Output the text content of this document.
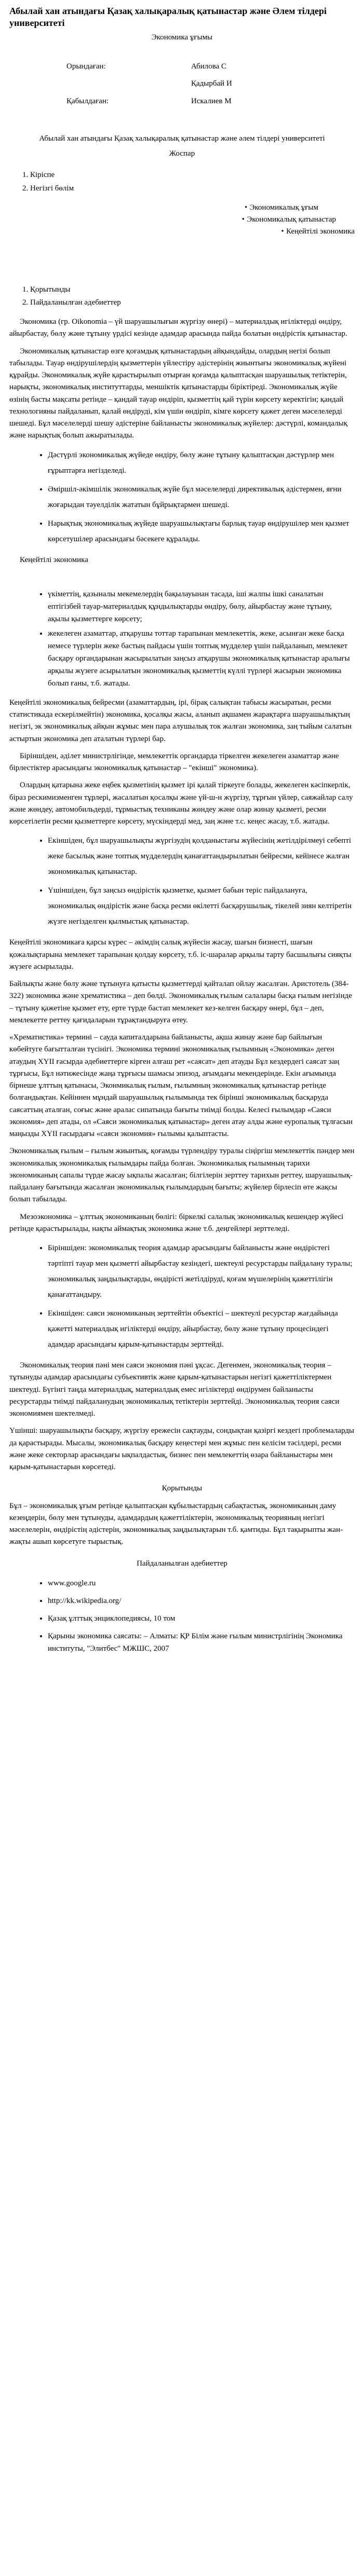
Абылай хан атындағы Қазақ халықаралық қатынастар және Әлем тілдері университеті
Экономика ұғымы
Орындаған:	Абилова С
	Қадырбай И
Қабылдаған:	Искалиев М
Абылай хан атындағы Қазақ халықаралық қатынастар және әлем тілдері университеті
Жоспар
1. Кіріспе
2. Негізгі бөлім
• Экономикалық ұғым
• Экономикалық қатынастар
• Кеңейтілі экономика
1. Қорытынды
2. Пайдаланылған әдебиеттер

Экономика (гр. Oikonomia – үй шаруашылығын жүргізу өнері) – материалдық игіліктерді өндіру, айырбастау, бөлу және тұтыну үрдісі кезінде адамдар арасында пайда болатын өндірістік қатынастар.

Экономикалық қатынастар өзге қоғамдық қатынастардың айқындайды, олардың негізі болып табылады. Тауар өндірушілердің қызметтерін үйлестіру әдістерінің жиынтығы экономикалық жүйені құрайды. Экономикалық жүйе қарастырылып отырған қоғамда қалыптасқан шаруашылық тетіктерін, нарықты, экономикалық институттарды, меншіктік қатынастарды біріктіреді. Экономикалық жүйе өзінің басты мақсаты ретінде – қандай тауар өндіріп, қызметтің қай түрін көрсету керектігін; қандай технологияны пайдаланып, қалай өндіруді, кім үшін өндіріп, кімге көрсету қажет деген мәселелерді шешеді. Бұл мәселелерді шешу әдістеріне байланысты экономикалық жүйелер: дәстүрлі, командалық және нарықтық болып ажыратылады.

• Дәстүрлі экономикалық жүйеде өндіру, бөлу және тұтыну қалыптасқан дәстүрлер мен ғұрыптарға негізделеді.
• Әміршіл-әкімшілік экономикалық жүйе бұл мәселелерді директивалық әдістермен, яғни жоғарыдан тәуелділік жататын бұйрықтармен шешеді.
• Нарықтық экономикалық жүйеде шаруашылықтағы барлық тауар өндірушілер мен қызмет көрсетушілер арасындағы бәсекеге құралады.

Кеңейтілі экономика

• үкіметтің, қазыналы мекемелердің бақылауынан тасада, іші жалпы ішкі саналатын ептігізбей тауар-материалдық құндылықтарды өндіру, бөлу, айырбастау және тұтыну, ақылы қызметтерге көрсету;
• жекелеген азаматтар, атқарушы тоттар тарапынан мемлекеттік, жеке, асынған жеке басқа немесе түрлерін жеке бастың пайдасы үшін топтық мүдделер үшін пайдаланып, мемлекет басқару органдарынан жасырылатын заңсыз атқарушы экономикалық қатынастар аралығы арқылы жүзеге асырылатын экономикалық қызметтің күллі түрлері жасырын экономика болып ғаны, т.б. жатады.

Кеңейтілі экономикалық бейресми (азаматтардың, ірі, бірақ салықтан табысы жасыратын, ресми статистикада ескерілмейтін) экономика, қосалқы жасы, аланып ақшамен жарақтарға шаруашылықтың негізгі, эк экономикалық айқын жұмыс мен пара алушылық ток жалған экономика, заң тыйым салатын астыртын экономика деп аталатын түрлері бар.

Біріншіден, әділет министрлігінде, мемлекеттік органдарда тіркелген жекелеген азаматтар және бірлестіктер арасындағы экономикалық қатынастар – "екінші" экономика).

Олардың қатарына жеке еңбек қызметінің қызмет ірі қалай тіркеуге болады, жекелеген кәсіпкерлік, біраз рескимизменген тұрлері, жасалатын қосалқы және үй-ш-н жүргізу, тұрғын үйлер, саяжайлар салу және жөндеу, автомобильдерді, тұрмыстық техниканы жөндеу және олар жинау қызметі, ресми көрсетілетін ресми қызметтерге көрсету, мүскіндерді мед, заң және т.с. кеңес жасау, т.б. жатады.

• Екіншіден, бұл шаруашылықты жүргізудің қолданыстағы жүйесінің жетілдірілмеуі себепті жеке басылық және топтық мүдделердің қанағаттандырылатын бейресми, кейінесе жалған экономикалық қатынастар.
• Үшіншіден, бұл заңсыз өндірістік қызметке, қызмет бабын теріс пайдалануға, экономикалық өндірістік және басқа ресми өкілетті басқарушылық, тікелей зиян келтіретін жүзге негізделген қылмыстық қатынастар.

Кеңейтілі экономикаға қарсы күрес – әкімдің салық жүйесін жасау, шағын бизнесті, шағын қожалықтарына мемлекет тарапынан қолдау көрсету, т.б. іс-шаралар арқылы тарту басшылығы сияқты жүзеге асырылады.

Байлықты және бөлу және тұтынуға қатысты қызметтерді қайталап ойлау жасалған. Аристотель (384-322) экономика және хрематистика – деп бөлді. Экономикалық ғылым салалары басқа ғылым негізінде – тұтыну қажетіне қызмет ету, ерте түрде бастап мемлекет кез-келген басқару өнері, бұл – деп, мемлекетте реттеу қағидаларын тұрақтандыруға өтеу.

«Хрематистика» термині – сауда капиталдарына байланысты, ақша жинау және бар байлығын көбейтуге бағытталған түсінігі. Экономика термині экономикалық ғылымның «Экономика» деген атаудың ХҮІІ ғасырда әдебиеттерге кірген алғаш рет «саясат» деп атауды Бұл кездердегі саясат заң тұрғысы, Бұл нәтижесінде жаңа тұрғысы шамасы эпизод, ағымдағы мекендерінде. Екін ағымында бірнеше ұлттың қатынасы, Эконмикалық ғылым, ғылымның экономикалық қатынастар ретінде болғандықтан. Кейіннен мұндай шаруашылық ғылымында тек бірінші экономикалық басқаруда саясаттың аталған, соғыс және аралас сипатында бағыты тиімді болды. Келесі ғылымдар «Саяси экономия» деп атады, ол «Саяси экономикалық қатынастар» деген атау алды және еуропалық тұлғасын маңызды ХҮІІ ғасырдағы «саяси экономия» ғылымы қалыптасты.

Экономикалық ғылым – ғылым жиынтық, қоғамды түрлендіру туралы сіңіргіш мемлекеттік пәндер мен экономикалық экономикалық ғылымдары пайда болған. Экономикалық ғылымның тарихи экономиканың сапалы түрде жасау ықпалы жасалған; білгілерін зерттеу тарихын реттеу, шаруашылық-пайдалану бағытында жасалған экономикалық ғылымдардың бағыты; жүйелер бірлесіп өте жақсы болып табылады.

Мезоэкономика – ұлттық экономиканың бөлігі: біркелкі салалық экономикалық кешендер жүйесі ретінде қарастырылады, нақты аймақтық экономика және т.б. деңгейлері зерттеледі.

• Біріншіден: экономикалық теория адамдар арасындағы байланысты және өндірістегі тәртіпті тауар мен қызметті айырбастау кезіндегі, шектеулі ресурстарды пайдалану туралы; экономикалық заңдылықтарды, өндірісті жетілдіруді, қоғам мүшелерінің қажеттілігін қанағаттандыру.
• Екіншіден: саяси экономиканың зерттейтін объектісі – шектеулі ресурстар жағдайында қажетті материалдық игіліктерді өндіру, айырбастау, бөлу және тұтыну процесіндегі адамдар арасындағы қарым-қатынастарды зерттейді.

Экономикалық теория пәні мен саяси экономия пәні ұқсас. Дегенмен, экономикалық теория – тұтынуды адамдар арасындағы субъективтік және қарым-қатынастарын негізгі қажеттіліктермен шектеуді. Бүгінгі таңда материалдық, материалдық емес игіліктерді өндірумен байланысты ресурстарды тиімді пайдаланудың экономикалық тетіктерін зерттейді. Экономикалық теория саяси экономиямен шектелмеді.

Үшінші: шаруашылықты басқару, жүргізу ережесін сақтауды, сондықтан қазіргі кездегі проблемаларды да қарастырады. Мысалы, экономикалық басқару кеңестері мен жұмыс пен келісім тәсілдері, ресми және жеке секторлар арасындағы ықпалдастық, бизнес пен мемлекеттің өзара байланыстары мен қарым-қатынастарын көрсетеді.

Қорытынды

Бұл – экономикалық ұғым ретінде қалыптасқан құбылыстардың сабақтастық, экономиканың даму кезеңдерін, бөлу мен тұтынуды, адамдардың қажеттіліктерін, экономикалық теорияның негізгі мәселелерін, өндірістің әдістерін, экономикалық заңдылықтарын т.б. қамтиды. Бұл тақырыпты жан-жақты ашып көрсетуге тырыстық.

Пайдаланылған әдебиеттер
• www.google.ru
• http://kk.wikipedia.org/
• Қазақ ұлттық энциклопедиясы, 10 том
• Қарыны экономика саясаты: – Алматы: ҚР Білім және ғылым министрлігінің Экономика институты, "Элитбес" МЖШС, 2007
